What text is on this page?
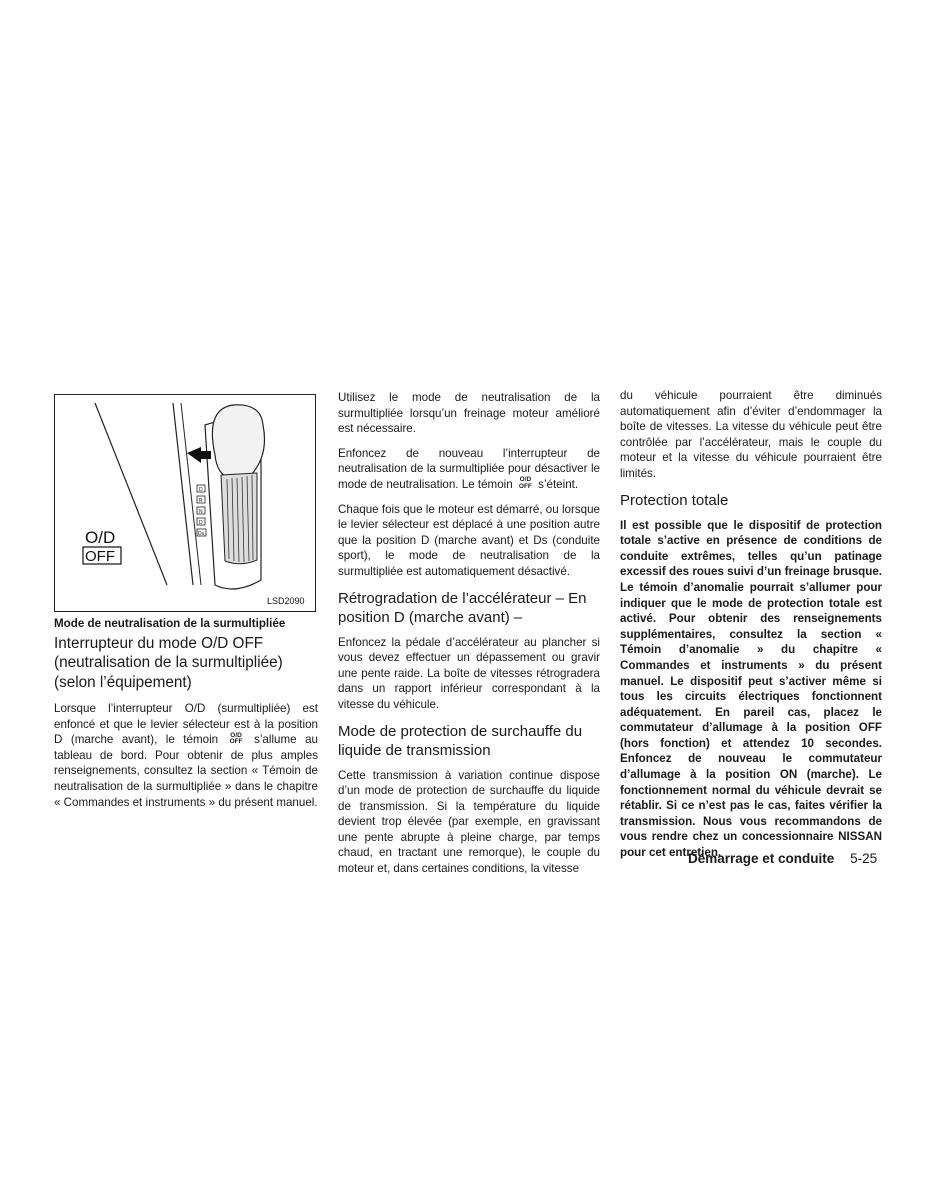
D
R
N
D
Ds
O/D
OFF
LSD2090
Mode de neutralisation de la surmultipliée
Interrupteur du mode O/D OFF (neutralisation de la surmultipliée) (selon l’équipement)

Lorsque l’interrupteur O/D (surmultipliée) est enfoncé et que le levier sélecteur est à la position D (marche avant), le témoin O/D
OFF s’allume au tableau de bord. Pour obtenir de plus amples renseignements, consultez la section « Témoin de neutralisation de la surmultipliée » dans le chapitre « Commandes et instruments » du présent manuel.

Utilisez le mode de neutralisation de la surmultipliée lorsqu’un freinage moteur amélioré est nécessaire.

Enfoncez de nouveau l’interrupteur de neutralisation de la surmultipliée pour désactiver le mode de neutralisation. Le témoin O/D
OFF s’éteint.

Chaque fois que le moteur est démarré, ou lorsque le levier sélecteur est déplacé à une position autre que la position D (marche avant) et Ds (conduite sport), le mode de neutralisation de la surmultipliée est automatiquement désactivé.

Rétrogradation de l’accélérateur – En position D (marche avant) –

Enfoncez la pédale d’accélérateur au plancher si vous devez effectuer un dépassement ou gravir une pente raide. La boîte de vitesses rétrogradera dans un rapport inférieur correspondant à la vitesse du véhicule.

Mode de protection de surchauffe du liquide de transmission

Cette transmission à variation continue dispose d’un mode de protection de surchauffe du liquide de transmission. Si la température du liquide devient trop élevée (par exemple, en gravissant une pente abrupte à pleine charge, par temps chaud, en tractant une remorque), le couple du moteur et, dans certaines conditions, la vitesse

du véhicule pourraient être diminués automatiquement afin d’éviter d’endommager la boîte de vitesses. La vitesse du véhicule peut être contrôlée par l’accélérateur, mais le couple du moteur et la vitesse du véhicule pourraient être limités.

Protection totale

Il est possible que le dispositif de protection totale s’active en présence de conditions de conduite extrêmes, telles qu’un patinage excessif des roues suivi d’un freinage brusque. Le témoin d’anomalie pourrait s’allumer pour indiquer que le mode de protection totale est activé. Pour obtenir des renseignements supplémentaires, consultez la section « Témoin d’anomalie » du chapitre « Commandes et instruments » du présent manuel. Le dispositif peut s’activer même si tous les circuits électriques fonctionnent adéquatement. En pareil cas, placez le commutateur d’allumage à la position OFF (hors fonction) et attendez 10 secondes. Enfoncez de nouveau le commutateur d’allumage à la position ON (marche). Le fonctionnement normal du véhicule devrait se rétablir. Si ce n’est pas le cas, faites vérifier la transmission. Nous vous recommandons de vous rendre chez un concessionnaire NISSAN pour cet entretien.

Démarrage et conduite 5-25
